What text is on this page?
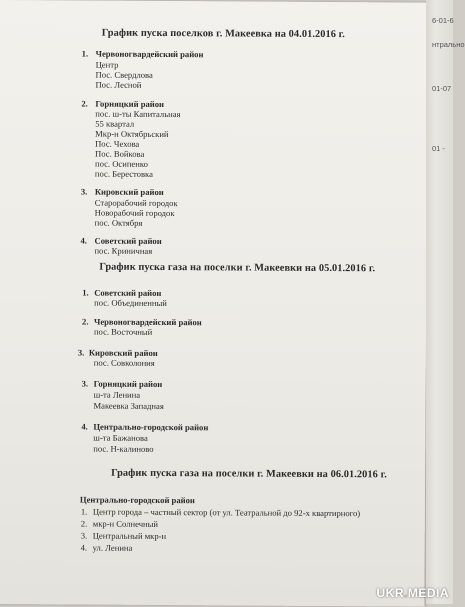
График пуска поселков г. Макеевка на 04.01.2016 г.
1. Червоногвардейский район
Центр
Пос. Свердлова
Пос. Лесной
2. Горняцкий район
пос. ш-ты Капитальная
55 квартал
Мкр-н Октябрьский
Пос. Чехова
Пос. Войкова
пос. Осипенко
пос. Берестовка
3. Кировский район
Старорабочий городок
Новорабочий городок
пос. Октября
4. Советский район
пос. Криничная
График пуска газа на поселки г. Макеевки на 05.01.2016 г.
1. Советский район
пос. Объединенный
2. Червоногвардейский район
пос. Восточный
3. Кировский район
пос. Совколония
3. Горняцкий район
ш-та Ленина
Макеевка Западная
4. Центрально-городской район
ш-та Бажанова
пос. Н-калиново
График пуска газа на поселки г. Макеевки на 06.01.2016 г.
Центрально-городской район
1. Центр города – частный сектор (от ул. Театральной до 92-х квартирного)
2. мкр-н Солнечный
3. Центральный мкр-н
4. ул. Ленина
6-01-6
нтрально
01-07
01 -
UKR.MEDIA
